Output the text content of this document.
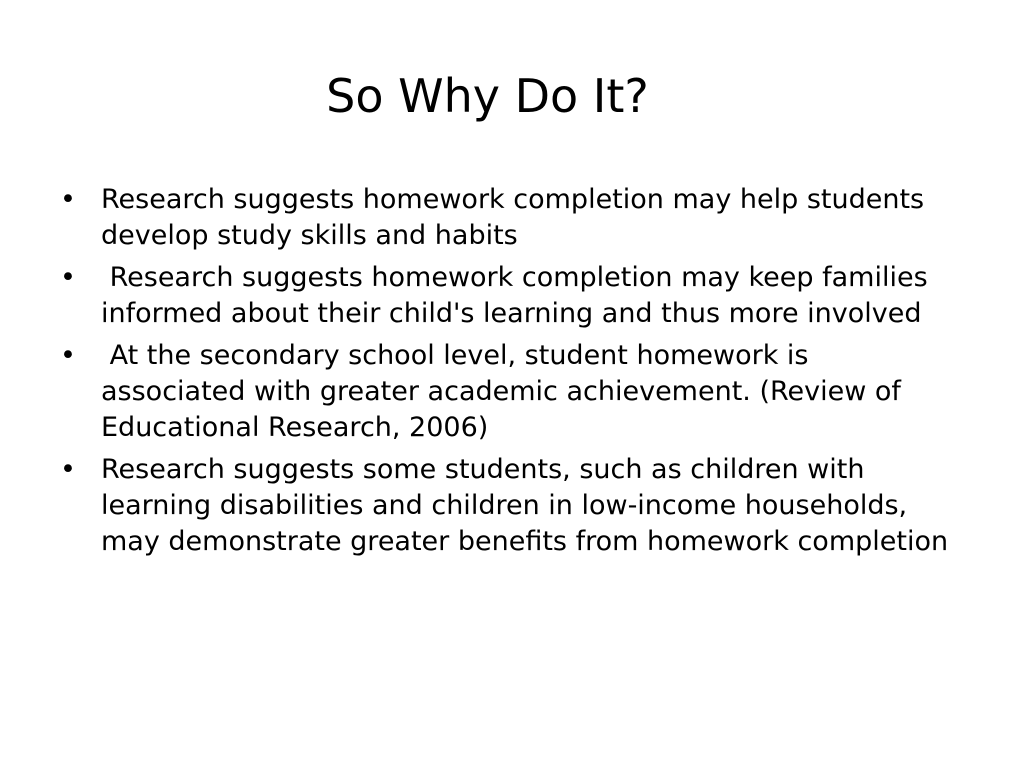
So Why Do It?
• Research suggests homework completion may help students develop study skills and habits
• Research suggests homework completion may keep families informed about their child's learning and thus more involved
• At the secondary school level, student homework is associated with greater academic achievement. (Review of Educational Research, 2006)
• Research suggests some students, such as children with learning disabilities and children in low-income households, may demonstrate greater benefits from homework completion
